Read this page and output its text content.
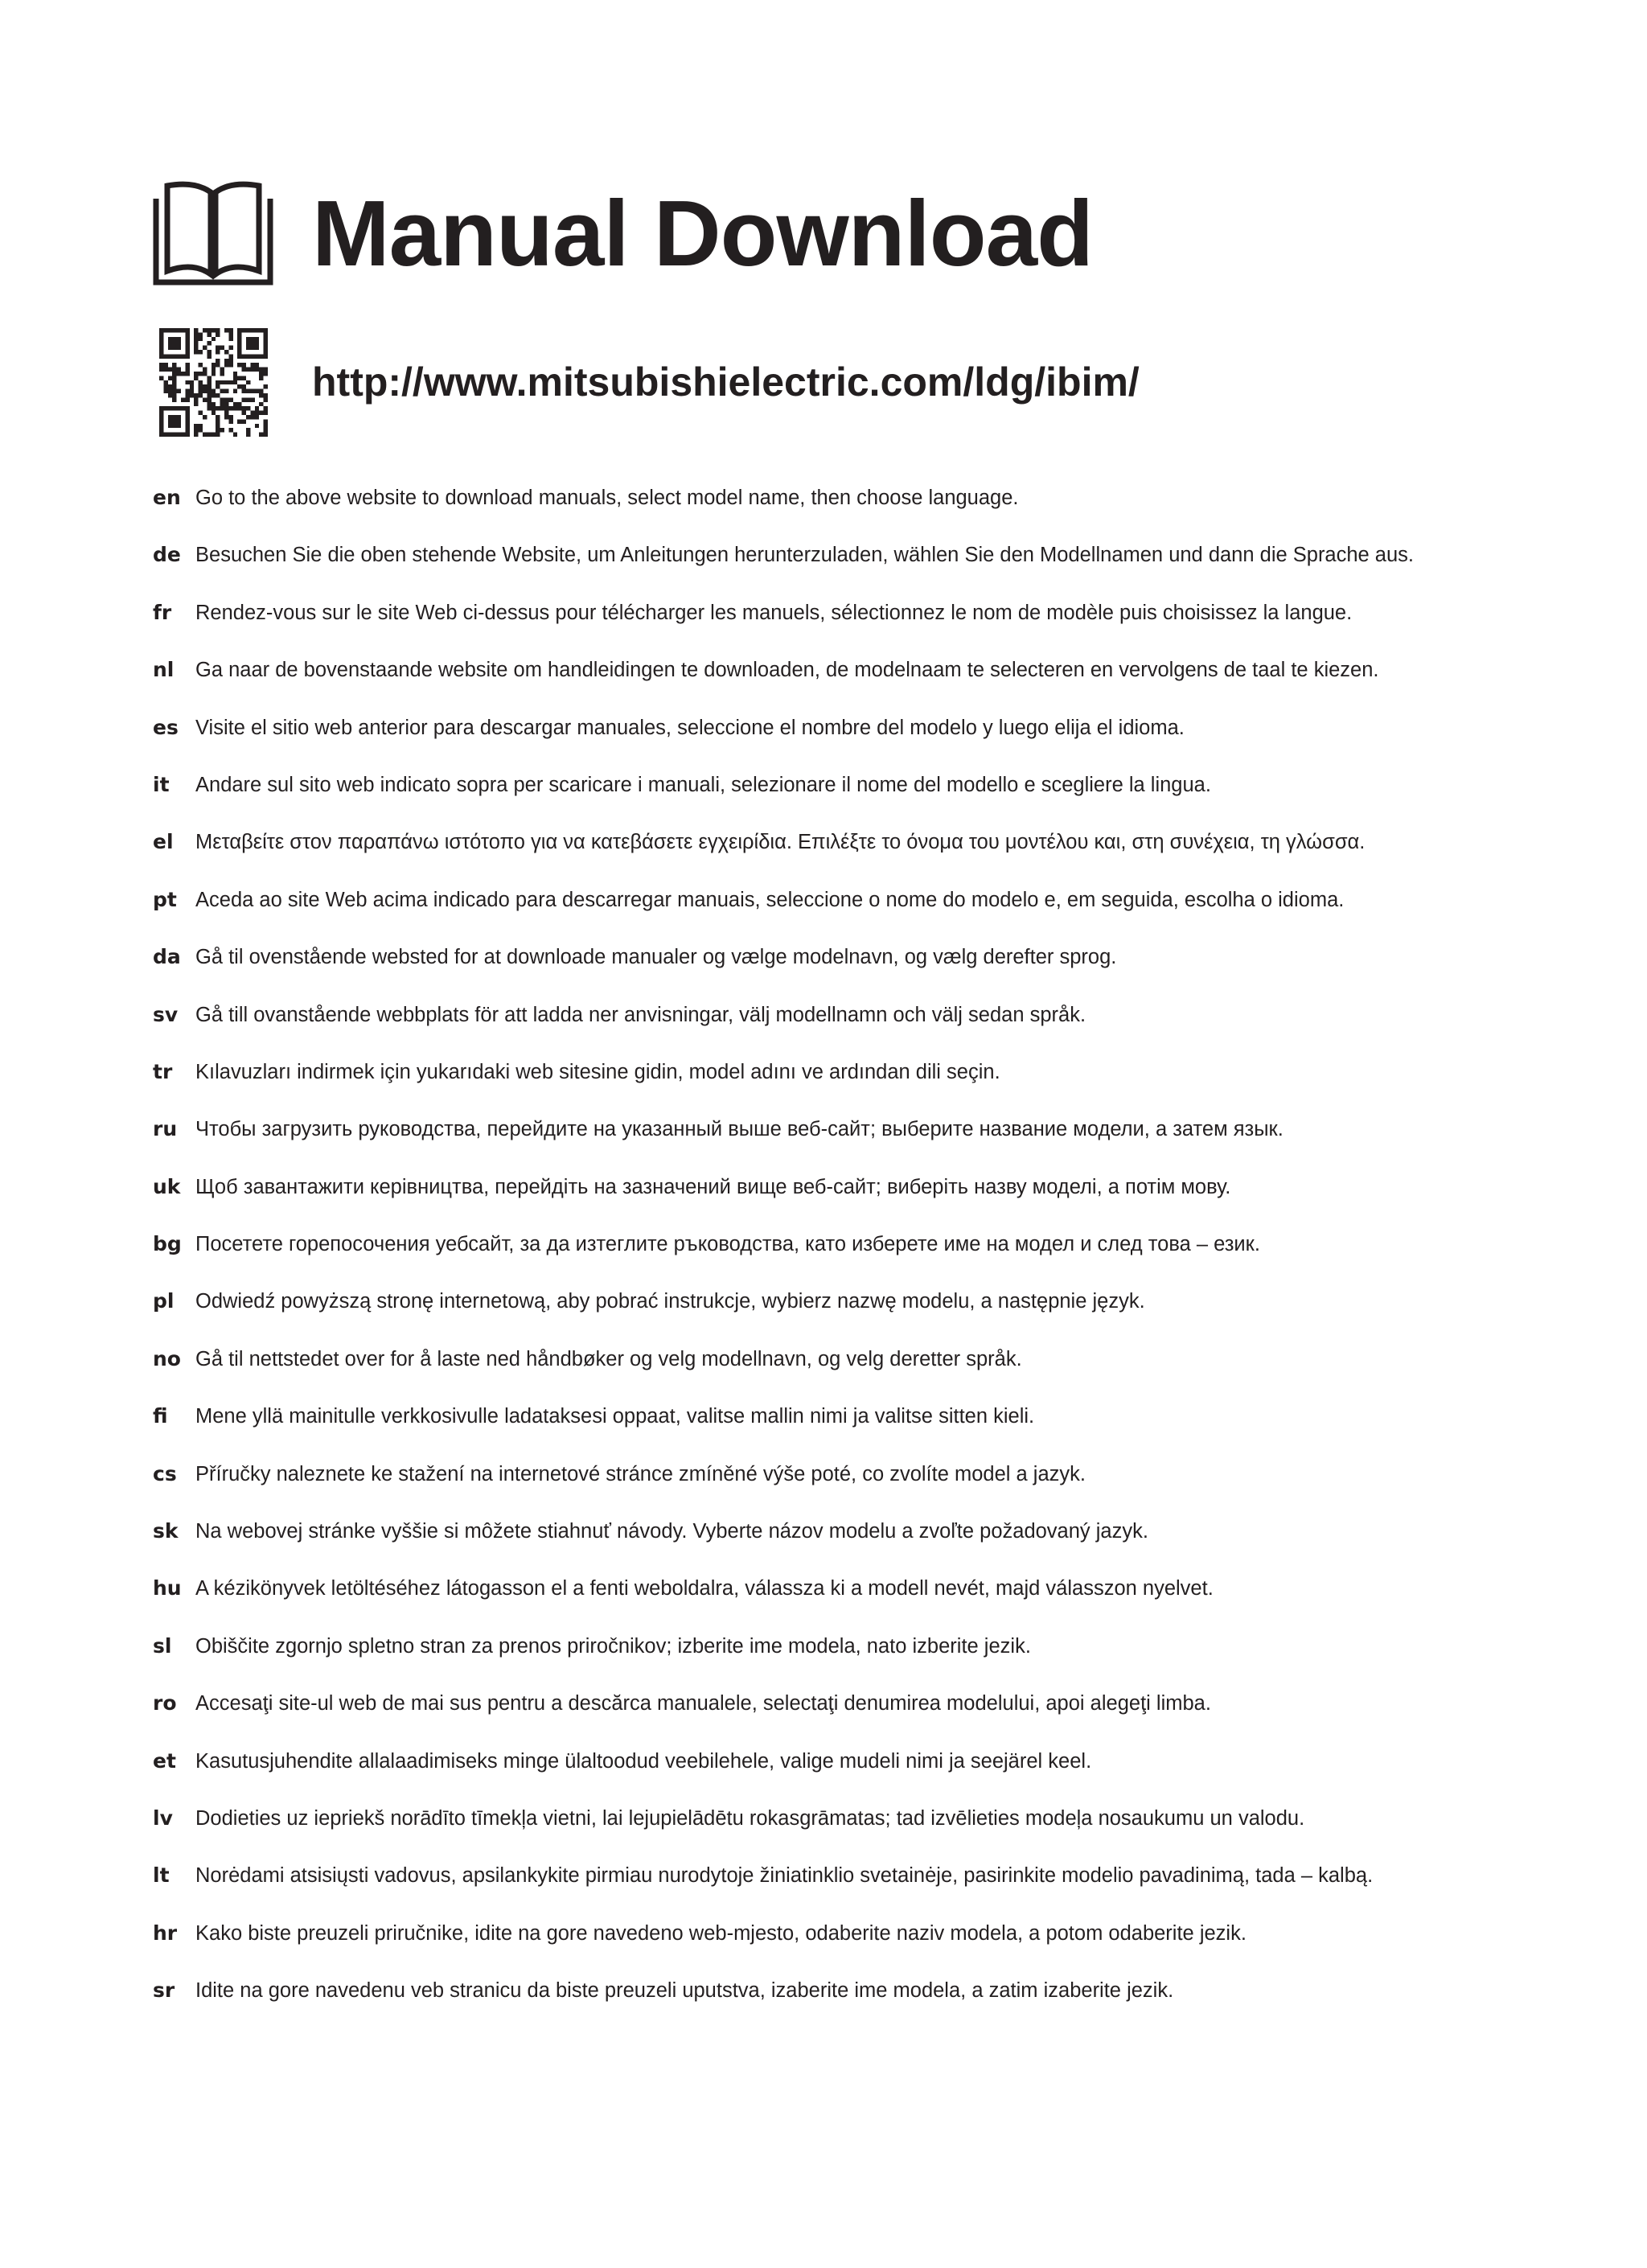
Manual Download
http://www.mitsubishielectric.com/ldg/ibim/
en Go to the above website to download manuals, select model name, then choose language.
de Besuchen Sie die oben stehende Website, um Anleitungen herunterzuladen, wählen Sie den Modellnamen und dann die Sprache aus.
fr	Rendez-vous sur le site Web ci-dessus pour télécharger les manuels, sélectionnez le nom de modèle puis choisissez la langue.
nl	Ga naar de bovenstaande website om handleidingen te downloaden, de modelnaam te selecteren en vervolgens de taal te kiezen.
es Visite el sitio web anterior para descargar manuales, seleccione el nombre del modelo y luego elija el idioma.
it	Andare sul sito web indicato sopra per scaricare i manuali, selezionare il nome del modello e scegliere la lingua.
el	Μεταβείτε στον παραπάνω ιστότοπο για να κατεβάσετε εγχειρίδια. Επιλέξτε το όνομα του μοντέλου και, στη συνέχεια, τη γλώσσα.
pt Aceda ao site Web acima indicado para descarregar manuais, seleccione o nome do modelo e, em seguida, escolha o idioma.
da Gå til ovenstående websted for at downloade manualer og vælge modelnavn, og vælg derefter sprog.
sv Gå till ovanstående webbplats för att ladda ner anvisningar, välj modellnamn och välj sedan språk.
tr	Kılavuzları indirmek için yukarıdaki web sitesine gidin, model adını ve ardından dili seçin.
ru Чтобы загрузить руководства, перейдите на указанный выше веб-сайт; выберите название модели, а затем язык.
uk Щоб завантажити керівництва, перейдіть на зазначений вище веб-сайт; виберіть назву моделі, а потім мову.
bg Посетете горепосочения уебсайт, за да изтеглите ръководства, като изберете име на модел и след това – език.
pl	Odwiedź powyższą stronę internetową, aby pobrać instrukcje, wybierz nazwę modelu, a następnie język.
no Gå til nettstedet over for å laste ned håndbøker og velg modellnavn, og velg deretter språk.
fi	Mene yllä mainitulle verkkosivulle ladataksesi oppaat, valitse mallin nimi ja valitse sitten kieli.
cs Příručky naleznete ke stažení na internetové stránce zmíněné výše poté, co zvolíte model a jazyk.
sk Na webovej stránke vyššie si môžete stiahnuť návody. Vyberte názov modelu a zvoľte požadovaný jazyk.
hu A kézikönyvek letöltéséhez látogasson el a fenti weboldalra, válassza ki a modell nevét, majd válasszon nyelvet.
sl	Obiščite zgornjo spletno stran za prenos priročnikov; izberite ime modela, nato izberite jezik.
ro Accesaţi site-ul web de mai sus pentru a descărca manualele, selectaţi denumirea modelului, apoi alegeţi limba.
et Kasutusjuhendite allalaadimiseks minge ülaltoodud veebilehele, valige mudeli nimi ja seejärel keel.
lv	Dodieties uz iepriekš norādīto tīmekļa vietni, lai lejupielādētu rokasgrāmatas; tad izvēlieties modeļa nosaukumu un valodu.
lt	Norėdami atsisiųsti vadovus, apsilankykite pirmiau nurodytoje žiniatinklio svetainėje, pasirinkite modelio pavadinimą, tada – kalbą.
hr Kako biste preuzeli priručnike, idite na gore navedeno web-mjesto, odaberite naziv modela, a potom odaberite jezik.
sr	Idite na gore navedenu veb stranicu da biste preuzeli uputstva, izaberite ime modela, a zatim izaberite jezik.
